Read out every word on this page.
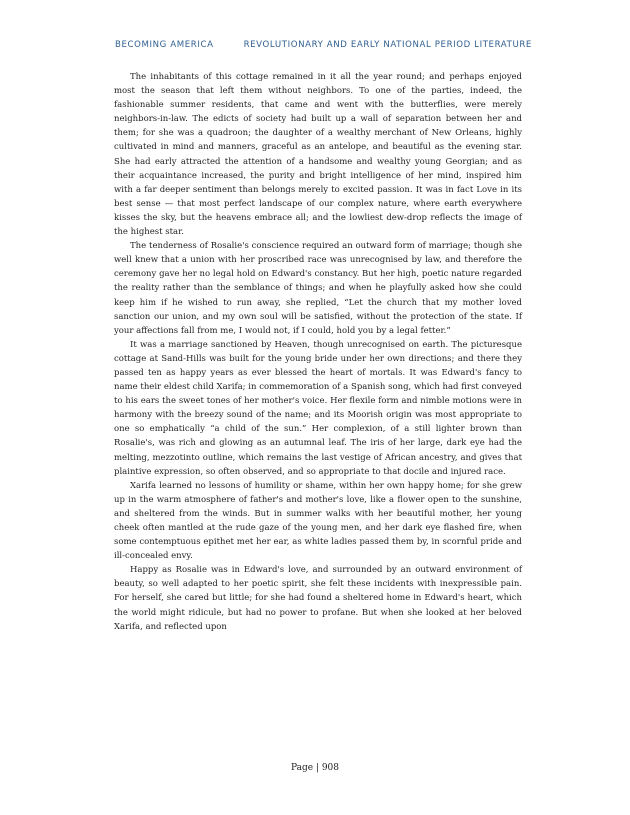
BECOMING AMERICA	REVOLUTIONARY AND EARLY NATIONAL PERIOD LITERATURE

The inhabitants of this cottage remained in it all the year round; and perhaps enjoyed most the season that left them without neighbors. To one of the parties, indeed, the fashionable summer residents, that came and went with the butterflies, were merely neighbors-in-law. The edicts of society had built up a wall of separation between her and them; for she was a quadroon; the daughter of a wealthy merchant of New Orleans, highly cultivated in mind and manners, graceful as an antelope, and beautiful as the evening star. She had early attracted the attention of a handsome and wealthy young Georgian; and as their acquaintance increased, the purity and bright intelligence of her mind, inspired him with a far deeper sentiment than belongs merely to excited passion. It was in fact Love in its best sense — that most perfect landscape of our complex nature, where earth everywhere kisses the sky, but the heavens embrace all; and the lowliest dew-drop reflects the image of the highest star.

The tenderness of Rosalie's conscience required an outward form of marriage; though she well knew that a union with her proscribed race was unrecognised by law, and therefore the ceremony gave her no legal hold on Edward's constancy. But her high, poetic nature regarded the reality rather than the semblance of things; and when he playfully asked how she could keep him if he wished to run away, she replied, “Let the church that my mother loved sanction our union, and my own soul will be satisfied, without the protection of the state. If your affections fall from me, I would not, if I could, hold you by a legal fetter.”

It was a marriage sanctioned by Heaven, though unrecognised on earth. The picturesque cottage at Sand-Hills was built for the young bride under her own directions; and there they passed ten as happy years as ever blessed the heart of mortals. It was Edward's fancy to name their eldest child Xarifa; in commemoration of a Spanish song, which had first conveyed to his ears the sweet tones of her mother's voice. Her flexile form and nimble motions were in harmony with the breezy sound of the name; and its Moorish origin was most appropriate to one so emphatically “a child of the sun.” Her complexion, of a still lighter brown than Rosalie's, was rich and glowing as an autumnal leaf. The iris of her large, dark eye had the melting, mezzotinto outline, which remains the last vestige of African ancestry, and gives that plaintive expression, so often observed, and so appropriate to that docile and injured race.

Xarifa learned no lessons of humility or shame, within her own happy home; for she grew up in the warm atmosphere of father's and mother's love, like a flower open to the sunshine, and sheltered from the winds. But in summer walks with her beautiful mother, her young cheek often mantled at the rude gaze of the young men, and her dark eye flashed fire, when some contemptuous epithet met her ear, as white ladies passed them by, in scornful pride and ill-concealed envy.

Happy as Rosalie was in Edward's love, and surrounded by an outward environment of beauty, so well adapted to her poetic spirit, she felt these incidents with inexpressible pain. For herself, she cared but little; for she had found a sheltered home in Edward's heart, which the world might ridicule, but had no power to profane. But when she looked at her beloved Xarifa, and reflected upon

Page | 908
